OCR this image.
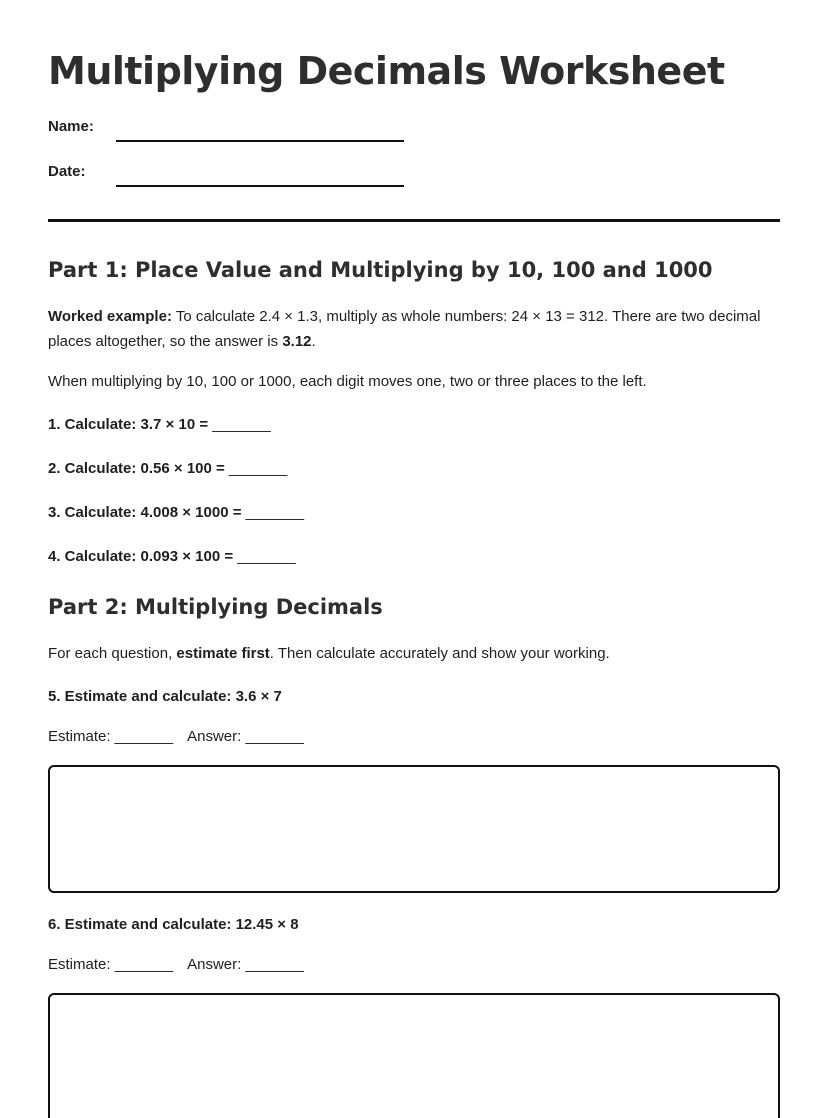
Multiplying Decimals Worksheet
Name:
Date:
Part 1: Place Value and Multiplying by 10, 100 and 1000
Worked example: To calculate 2.4 × 1.3, multiply as whole numbers: 24 × 13 = 312. There are two decimal places altogether, so the answer is 3.12.
When multiplying by 10, 100 or 1000, each digit moves one, two or three places to the left.
1. Calculate: 3.7 × 10 = _______
2. Calculate: 0.56 × 100 = _______
3. Calculate: 4.008 × 1000 = _______
4. Calculate: 0.093 × 100 = _______
Part 2: Multiplying Decimals
For each question, estimate first. Then calculate accurately and show your working.
5. Estimate and calculate: 3.6 × 7
Estimate: _______ Answer: _______
6. Estimate and calculate: 12.45 × 8
Estimate: _______ Answer: _______
